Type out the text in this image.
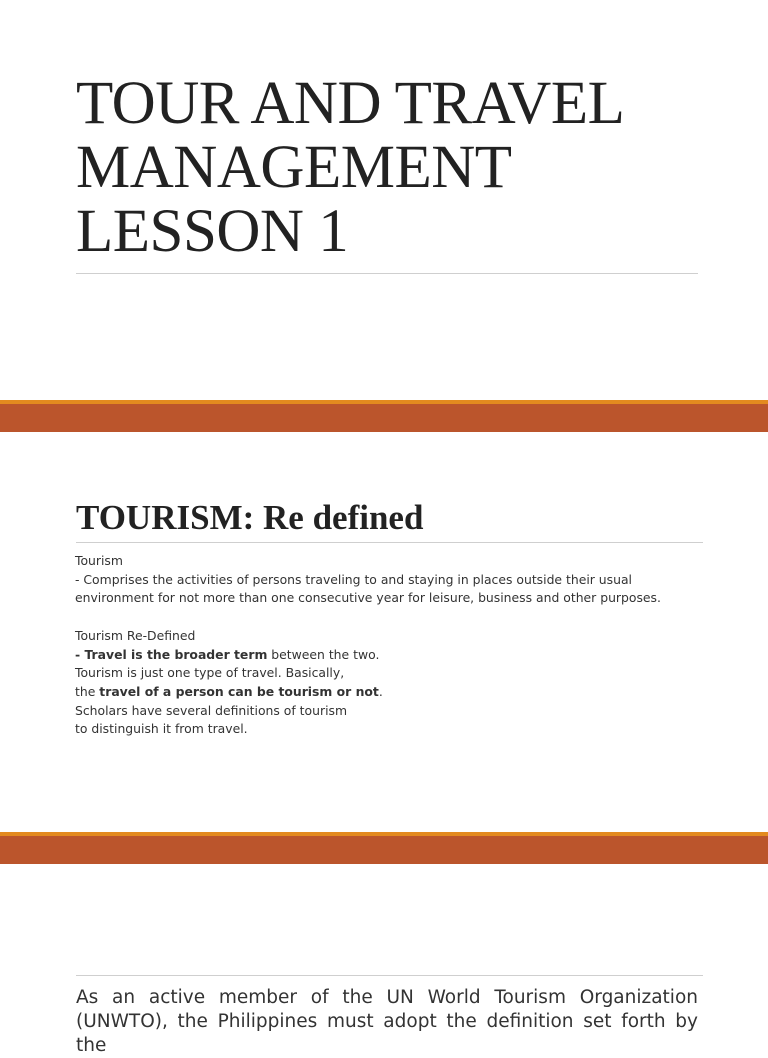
TOUR AND TRAVEL
MANAGEMENT
LESSON 1
TOURISM: Re defined

Tourism

- Comprises the activities of persons traveling to and staying in places outside their usual

environment for not more than one consecutive year for leisure, business and other purposes.

Tourism Re-Defined

- Travel is the broader term between the two.

Tourism is just one type of travel. Basically,

the travel of a person can be tourism or not.

Scholars have several definitions of tourism

to distinguish it from travel.

As an active member of the UN World Tourism Organization

(UNWTO), the Philippines must adopt the definition set forth by the
